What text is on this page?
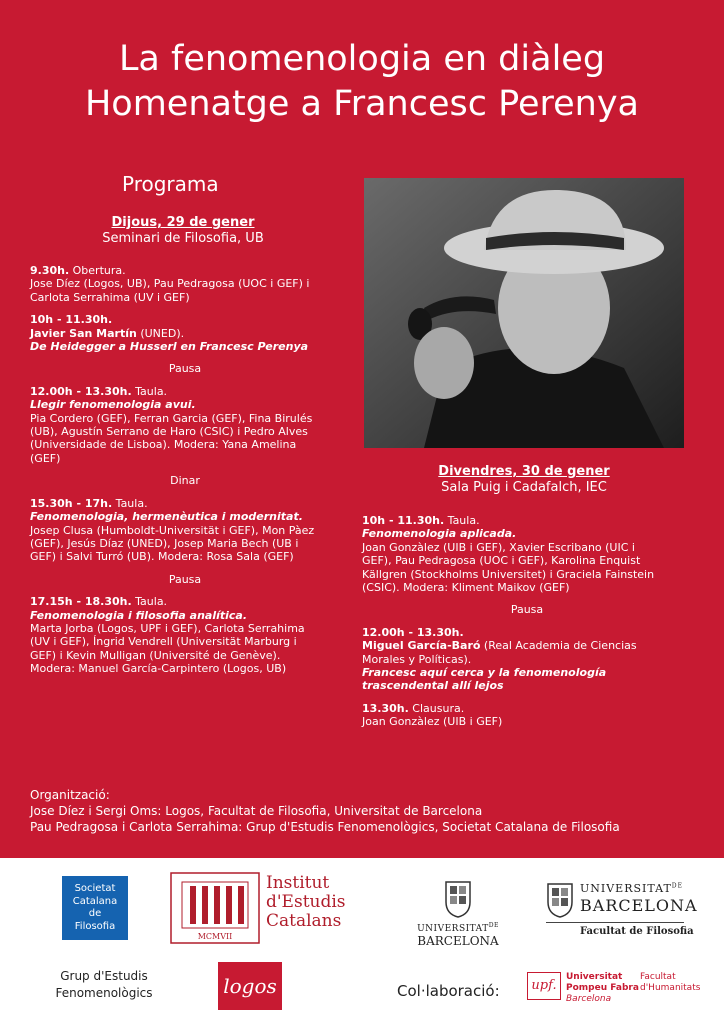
La fenomenologia en diàleg
Homenatge a Francesc Perenya
Programa
Dijous, 29 de gener
Seminari de Filosofia, UB
9.30h. Obertura.
Jose Díez (Logos, UB), Pau Pedragosa (UOC i GEF) i
Carlota Serrahima (UV i GEF)
10h - 11.30h.
Javier San Martín (UNED).
De Heidegger a Husserl en Francesc Perenya
Pausa
12.00h - 13.30h. Taula.
Llegir fenomenologia avui.
Pia Cordero (GEF), Ferran Garcia (GEF), Fina Birulés
(UB), Agustín Serrano de Haro (CSIC) i Pedro Alves
(Universidade de Lisboa). Modera: Yana Amelina
(GEF)
Dinar
15.30h - 17h. Taula.
Fenomenologia, hermenèutica i modernitat.
Josep Clusa (Humboldt-Universität i GEF), Mon Pàez
(GEF), Jesús Díaz (UNED), Josep Maria Bech (UB i
GEF) i Salvi Turró (UB). Modera: Rosa Sala (GEF)
Pausa
17.15h - 18.30h. Taula.
Fenomenologia i filosofia analítica.
Marta Jorba (Logos, UPF i GEF), Carlota Serrahima
(UV i GEF), Íngrid Vendrell (Universität Marburg i
GEF) i Kevin Mulligan (Université de Genève).
Modera: Manuel García-Carpintero (Logos, UB)
Divendres, 30 de gener
Sala Puig i Cadafalch, IEC
10h - 11.30h. Taula.
Fenomenologia aplicada.
Joan Gonzàlez (UIB i GEF), Xavier Escribano (UIC i
GEF), Pau Pedragosa (UOC i GEF), Karolina Enquist
Källgren (Stockholms Universitet) i Graciela Fainstein
(CSIC). Modera: Kliment Maikov (GEF)
Pausa
12.00h - 13.30h.
Miguel García-Baró (Real Academia de Ciencias
Morales y Políticas).
Francesc aquí cerca y la fenomenología
trascendental allí lejos
13.30h. Clausura.
Joan Gonzàlez (UIB i GEF)
Organització:
Jose Díez i Sergi Oms: Logos, Facultat de Filosofia, Universitat de Barcelona
Pau Pedragosa i Carlota Serrahima: Grup d'Estudis Fenomenològics, Societat Catalana de Filosofia
Societat
Catalana
de
Filosofia
MCMVII
Institut
d'Estudis
Catalans	$UNIVERSITAT^{DE}$
BARCELONA
$UNIVERSITAT^{DE}$
BARCELONA
Facultat de Filosofia
Grup d'Estudis
Fenomenològics	logos	Col·laboració:	upf.
Universitat
Pompeu Fabra
Barcelona
Facultat
d'Humanitats
